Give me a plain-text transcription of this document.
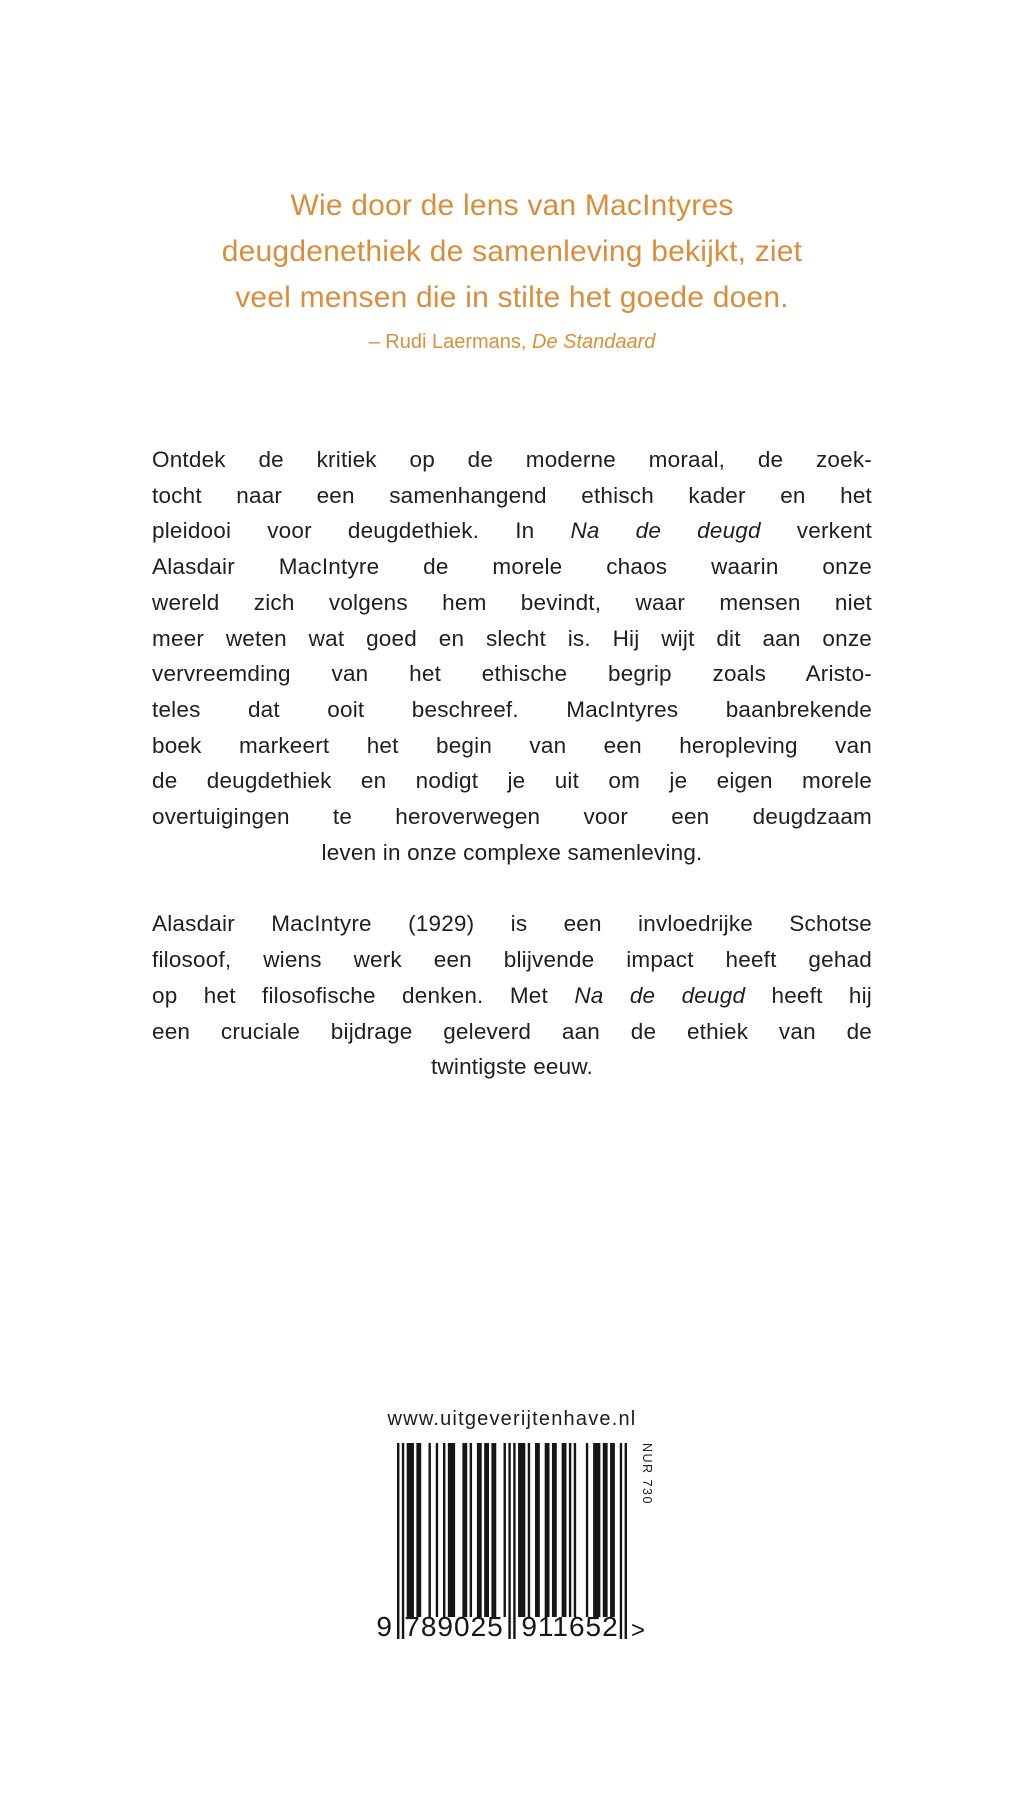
Wie door de lens van MacIntyres
deugdenethiek de samenleving bekijkt, ziet
veel mensen die in stilte het goede doen.
– Rudi Laermans, De Standaard
Ontdek de kritiek op de moderne moraal, de zoek-
tocht naar een samenhangend ethisch kader en het
pleidooi voor deugdethiek. In Na de deugd verkent
Alasdair MacIntyre de morele chaos waarin onze
wereld zich volgens hem bevindt, waar mensen niet
meer weten wat goed en slecht is. Hij wijt dit aan onze
vervreemding van het ethische begrip zoals Aristo-
teles dat ooit beschreef. MacIntyres baanbrekende
boek markeert het begin van een heropleving van
de deugdethiek en nodigt je uit om je eigen morele
overtuigingen te heroverwegen voor een deugdzaam
leven in onze complexe samenleving.
Alasdair MacIntyre (1929) is een invloedrijke Schotse
filosoof, wiens werk een blijvende impact heeft gehad
op het filosofische denken. Met Na de deugd heeft hij
een cruciale bijdrage geleverd aan de ethiek van de
twintigste eeuw.
www.uitgeverijtenhave.nl
9 789025 911652 >
NUR 730
